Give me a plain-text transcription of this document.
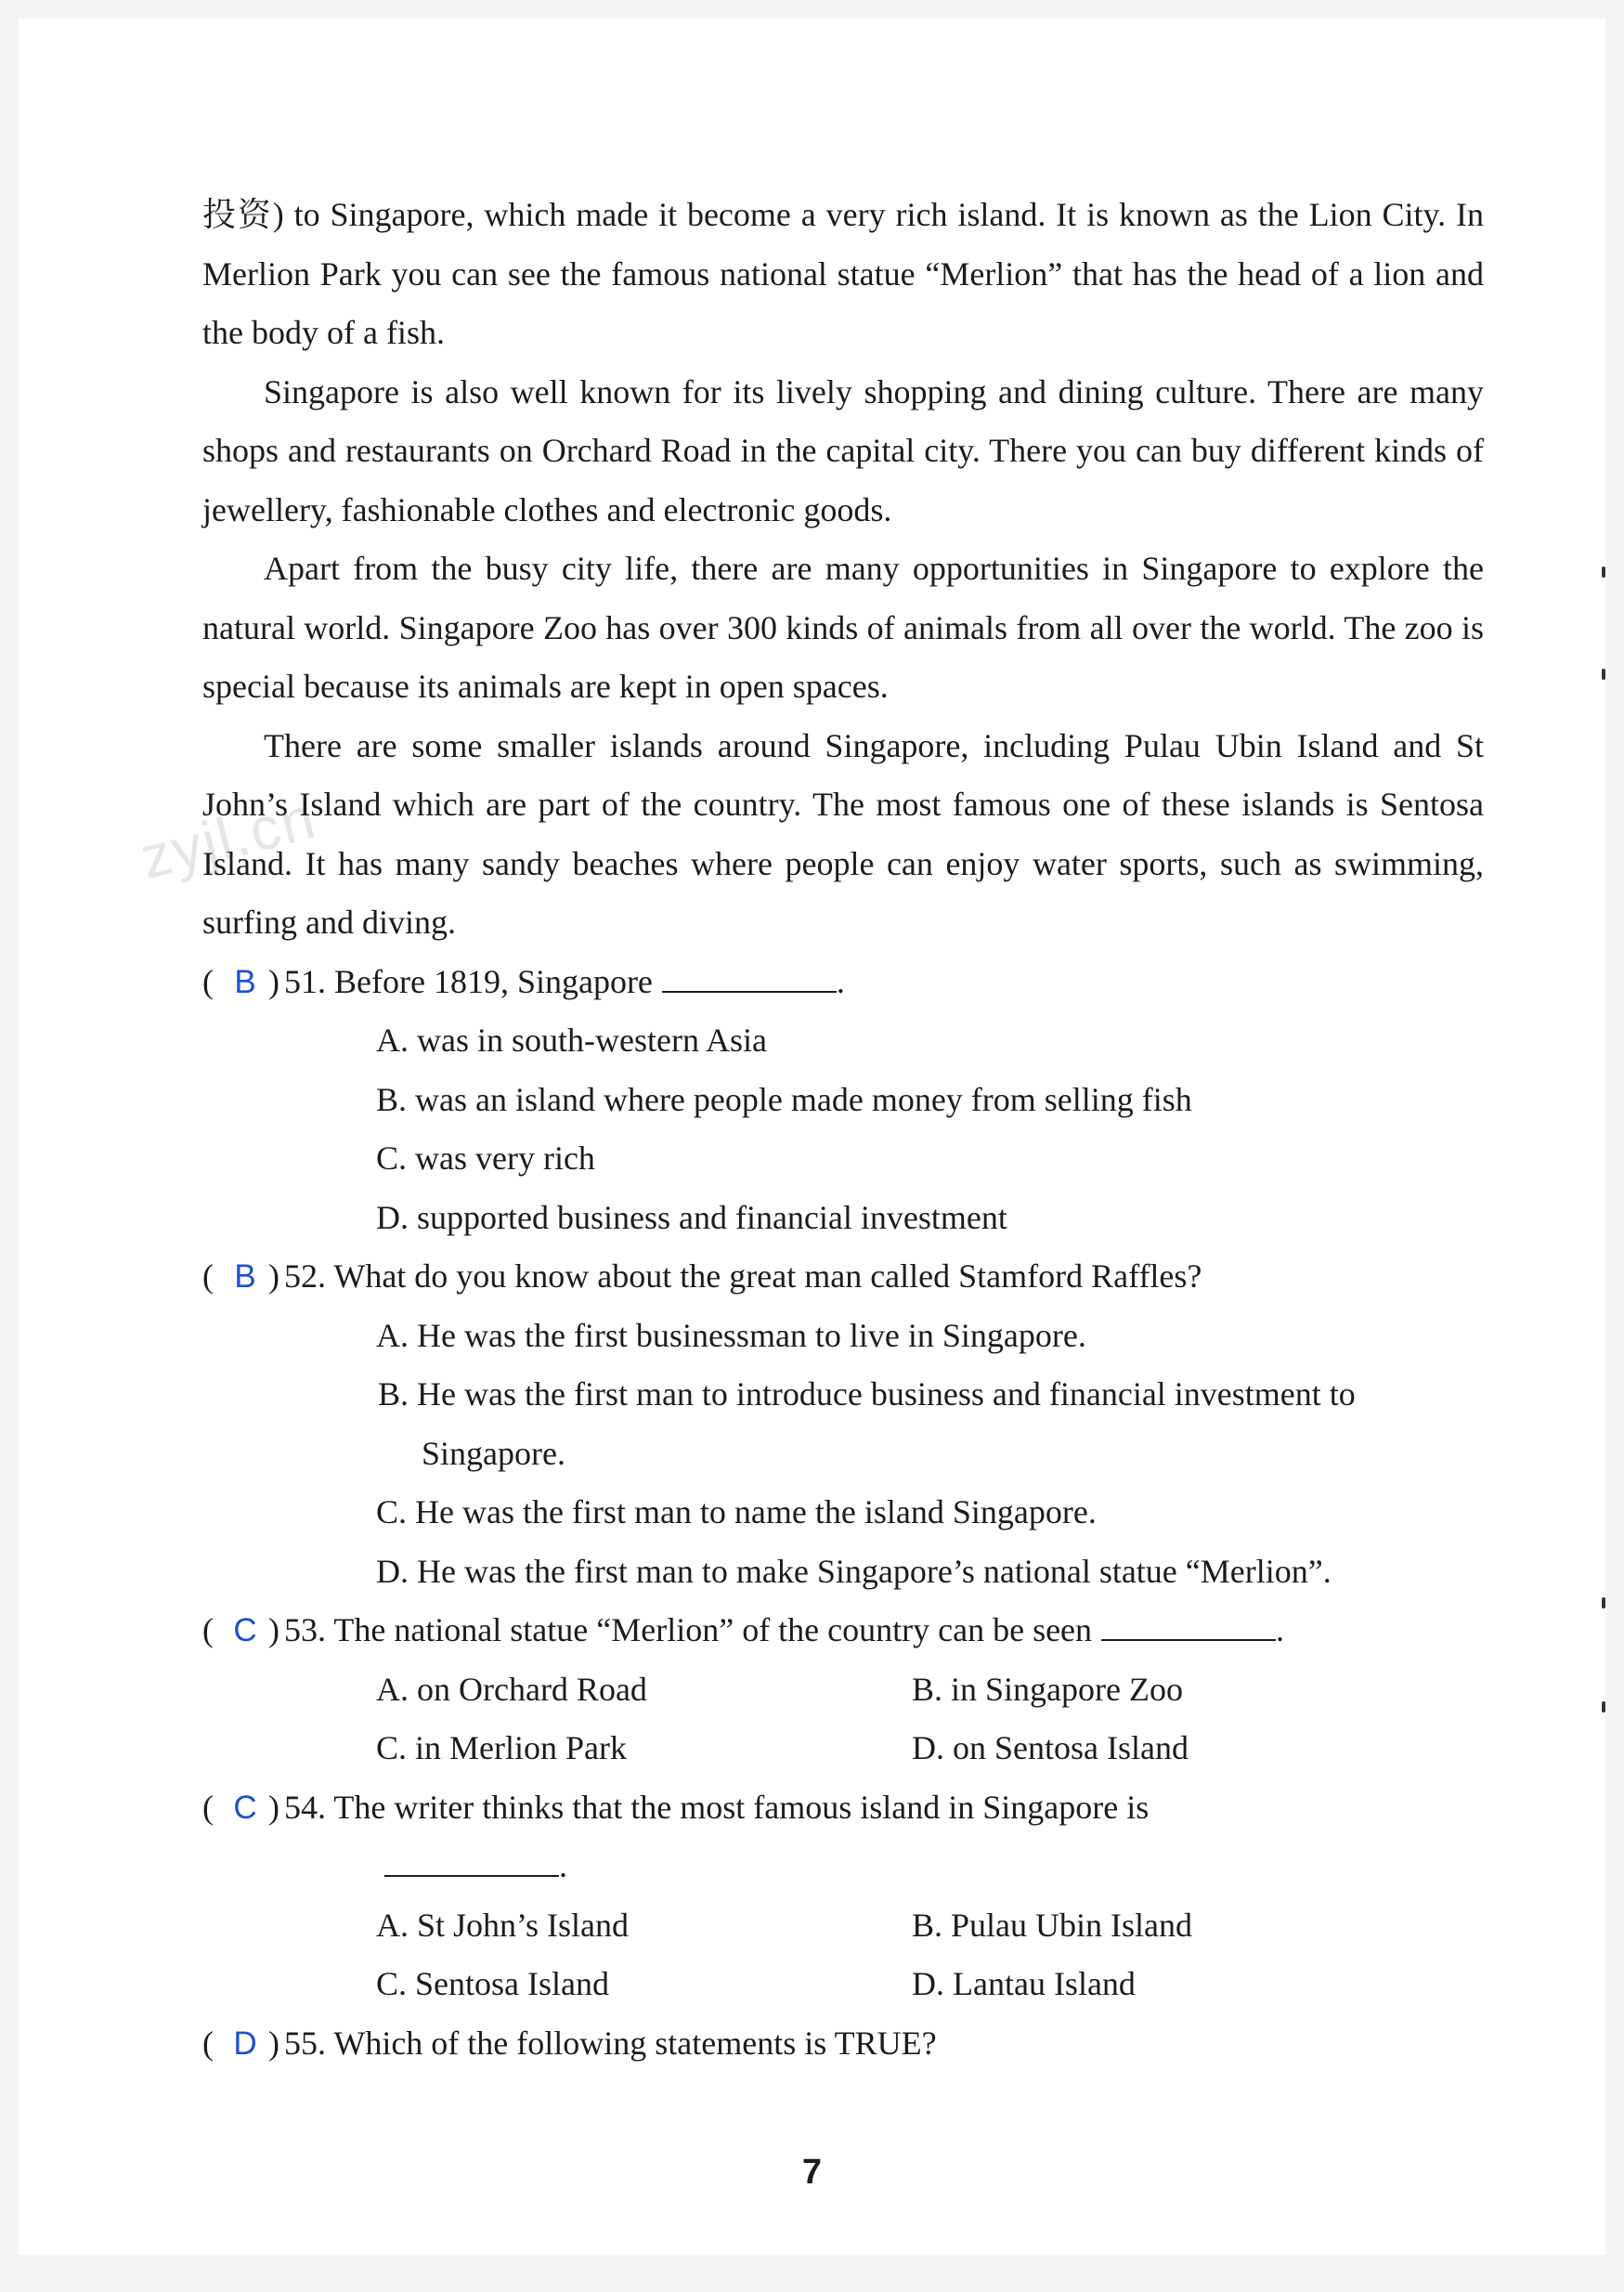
zyjl.cn

投资) to Singapore, which made it become a very rich island. It is known as the Lion City. In Merlion Park you can see the famous national statue “Merlion” that has the head of a lion and the body of a fish.

Singapore is also well known for its lively shopping and dining culture. There are many shops and restaurants on Orchard Road in the capital city. There you can buy different kinds of jewellery, fashionable clothes and electronic goods.

Apart from the busy city life, there are many opportunities in Singapore to explore the natural world. Singapore Zoo has over 300 kinds of animals from all over the world. The zoo is special because its animals are kept in open spaces.

There are some smaller islands around Singapore, including Pulau Ubin Island and St John’s Island which are part of the country. The most famous one of these islands is Sentosa Island. It has many sandy beaches where people can enjoy water sports, such as swimming, surfing and diving.

( B ) 51. Before 1819, Singapore	.

A. was in south-western Asia

B. was an island where people made money from selling fish

C. was very rich

D. supported business and financial investment

( B ) 52. What do you know about the great man called Stamford Raffles?

A. He was the first businessman to live in Singapore.

B. He was the first man to introduce business and financial investment to Singapore.

C. He was the first man to name the island Singapore.

D. He was the first man to make Singapore’s national statue “Merlion”.

( C ) 53. The national statue “Merlion” of the country can be seen	.
A. on Orchard Road	B. in Singapore Zoo
C. in Merlion Park	D. on Sentosa Island
( C ) 54. The writer thinks that the most famous island in Singapore is
.
A. St John’s Island	B. Pulau Ubin Island
C. Sentosa Island	D. Lantau Island
( D ) 55. Which of the following statements is TRUE?
7
